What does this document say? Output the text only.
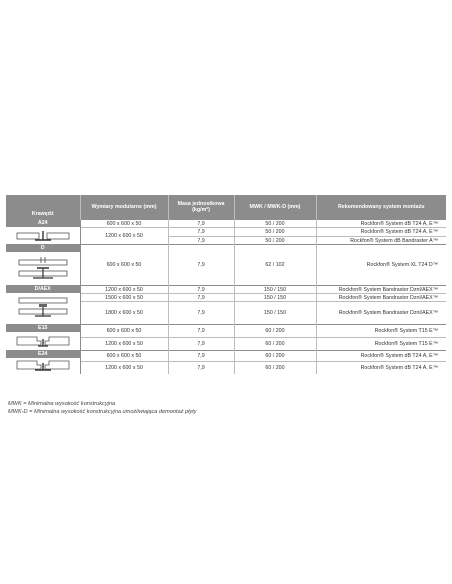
Krawędź	Wymiary modularne (mm)	Masa jednostkowa (kg/m²)	MWK / MWK-D (mm)	Rekomendowany system montażu

A24	600 x 600 x 50	7,9	50 / 200	Rockfon® System dB T24 A, E™
	1200 x 600 x 50	7,9	50 / 200	Rockfon® System dB T24 A, E™
		7,9	50 / 200	Rockfon® System dB Bandraster A™

D	600 x 600 x 50	7,9	62 / 102	Rockfon® System XL T24 D™

D/AEX	1200 x 600 x 50	7,9	150 / 150	Rockfon® System Bandraster Dznl/AEX™
	1500 x 600 x 50	7,9	150 / 150	Rockfon® System Bandraster Dznl/AEX™
	1800 x 600 x 50	7,9	150 / 150	Rockfon® System Bandraster Dznl/AEX™

E15	600 x 600 x 50	7,9	60 / 200	Rockfon® System T15 E™
	1200 x 600 x 50	7,9	60 / 200	Rockfon® System T15 E™

E24	600 x 600 x 50	7,9	60 / 200	Rockfon® System dB T24 A, E™
	1200 x 600 x 50	7,9	60 / 200	Rockfon® System dB T24 A, E™
MWK = Minimalna wysokość konstrukcyjna
MWK-D = Minimalna wysokość konstrukcyjna umożliwiająca demontaż płyty
